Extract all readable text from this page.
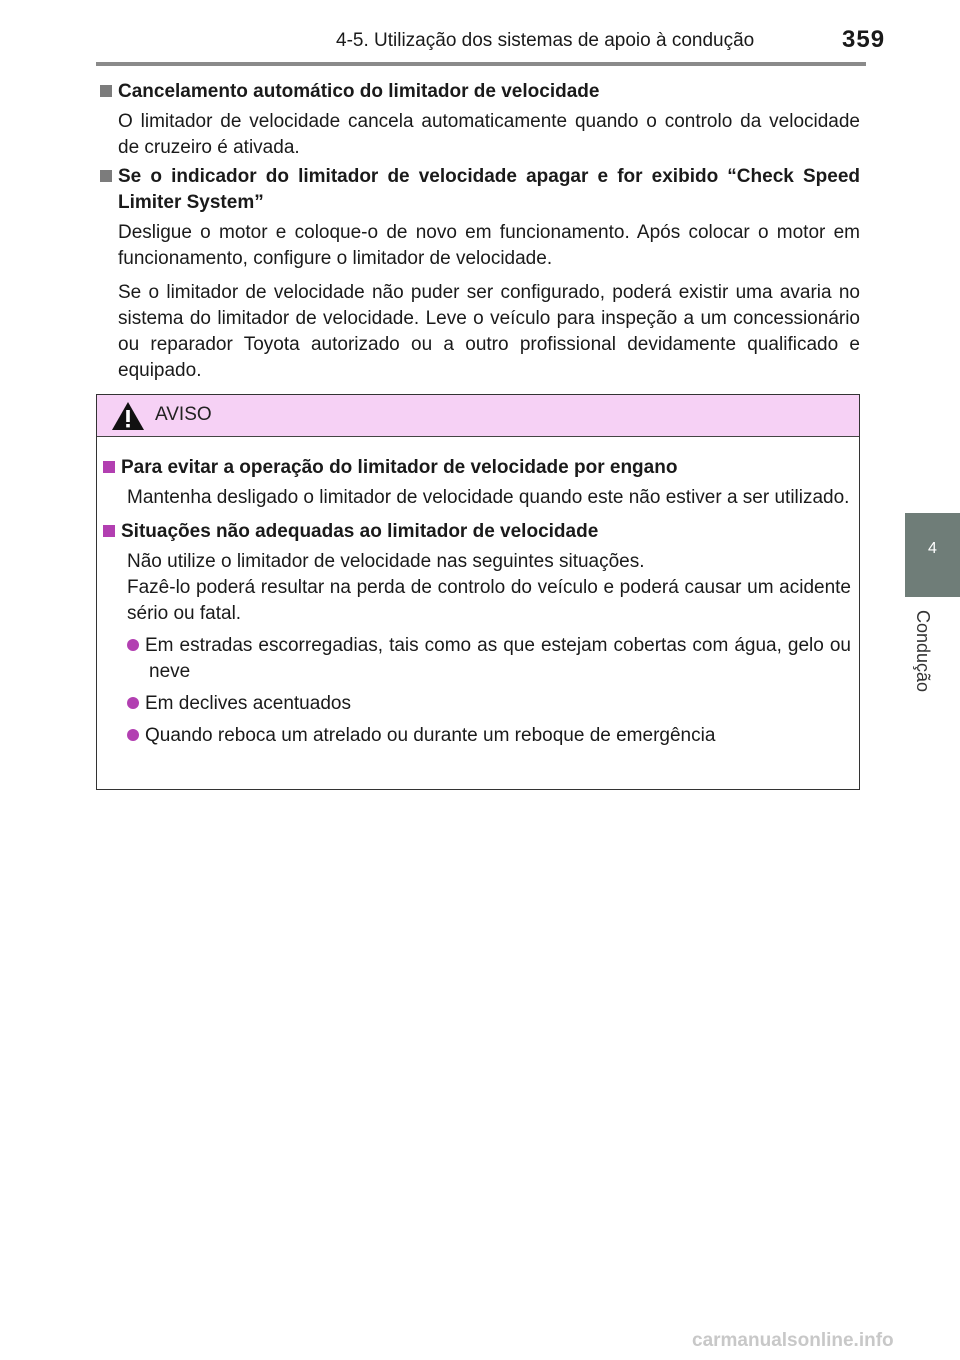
4-5. Utilização dos sistemas de apoio à condução	359
4
Condução
Cancelamento automático do limitador de velocidade
O limitador de velocidade cancela automaticamente quando o controlo da velocidade de cruzeiro é ativada.
Se o indicador do limitador de velocidade apagar e for exibido “Check Speed Limiter System”
Desligue o motor e coloque-o de novo em funcionamento. Após colocar o motor em funcionamento, configure o limitador de velocidade.
Se o limitador de velocidade não puder ser configurado, poderá existir uma avaria no sistema do limitador de velocidade. Leve o veículo para inspeção a um concessionário ou reparador Toyota autorizado ou a outro profissional devidamente qualificado e equipado.
AVISO
Para evitar a operação do limitador de velocidade por engano
Mantenha desligado o limitador de velocidade quando este não estiver a ser utilizado.
Situações não adequadas ao limitador de velocidade
Não utilize o limitador de velocidade nas seguintes situações.
Fazê-lo poderá resultar na perda de controlo do veículo e poderá causar um acidente sério ou fatal.
Em estradas escorregadias, tais como as que estejam cobertas com água, gelo ou neve
Em declives acentuados
Quando reboca um atrelado ou durante um reboque de emergência
carmanualsonline.info
